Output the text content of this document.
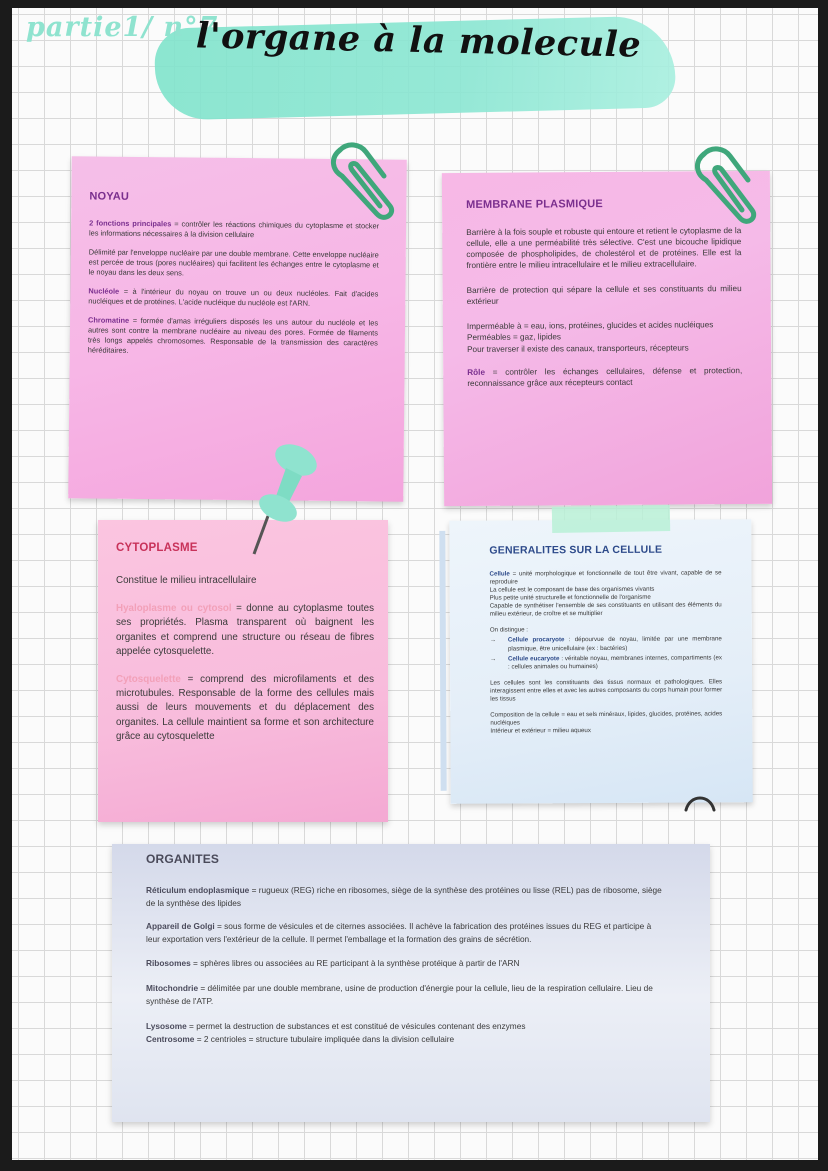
partie1/ n°7
l'organe à la molecule
NOYAU

2 fonctions principales = contrôler les réactions chimiques du cytoplasme et stocker les informations nécessaires à la division cellulaire

Délimité par l'enveloppe nucléaire par une double membrane. Cette enveloppe nucléaire est percée de trous (pores nucléaires) qui facilitent les échanges entre le cytoplasme et le noyau dans les deux sens.

Nucléole = à l'intérieur du noyau on trouve un ou deux nucléoles. Fait d'acides nucléiques et de protéines. L'acide nucléique du nucléole est l'ARN.

Chromatine = formée d'amas irréguliers disposés les uns autour du nucléole et les autres sont contre la membrane nucléaire au niveau des pores. Formée de filaments très longs appelés chromosomes. Responsable de la transmission des caractères héréditaires.

MEMBRANE PLASMIQUE

Barrière à la fois souple et robuste qui entoure et retient le cytoplasme de la cellule, elle a une perméabilité très sélective. C'est une bicouche lipidique composée de phospholipides, de cholestérol et de protéines. Elle est la frontière entre le milieu intracellulaire et le milieu extracellulaire.

Barrière de protection qui sépare la cellule et ses constituants du milieu extérieur

Imperméable à = eau, ions, protéines, glucides et acides nucléiques

Perméables = gaz, lipides

Pour traverser il existe des canaux, transporteurs, récepteurs

Rôle = contrôler les échanges cellulaires, défense et protection, reconnaissance grâce aux récepteurs contact

CYTOPLASME

Constitue le milieu intracellulaire

Hyaloplasme ou cytosol = donne au cytoplasme toutes ses propriétés. Plasma transparent où baignent les organites et comprend une structure ou réseau de fibres appelée cytosquelette.

Cytosquelette = comprend des microfilaments et des microtubules. Responsable de la forme des cellules mais aussi de leurs mouvements et du déplacement des organites. La cellule maintient sa forme et son architecture grâce au cytosquelette

GENERALITES SUR LA CELLULE

Cellule = unité morphologique et fonctionnelle de tout être vivant, capable de se reproduire

La cellule est le composant de base des organismes vivants

Plus petite unité structurelle et fonctionnelle de l'organisme

Capable de synthétiser l'ensemble de ses constituants en utilisant des éléments du milieu extérieur, de croître et se multiplier

On distingue :

→	Cellule procaryote : dépourvue de noyau, limitée par une membrane plasmique, être unicellulaire (ex : bactéries)
→	Cellule eucaryote : véritable noyau, membranes internes, compartiments (ex : cellules animales ou humaines)

Les cellules sont les constituants des tissus normaux et pathologiques. Elles interagissent entre elles et avec les autres composants du corps humain pour former les tissus

Composition de la cellule = eau et sels minéraux, lipides, glucides, protéines, acides nucléiques

Intérieur et extérieur = milieu aqueux

ORGANITES

Réticulum endoplasmique = rugueux (REG) riche en ribosomes, siège de la synthèse des protéines ou lisse (REL) pas de ribosome, siège de la synthèse des lipides

Appareil de Golgi = sous forme de vésicules et de citernes associées. Il achève la fabrication des protéines issues du REG et participe à leur exportation vers l'extérieur de la cellule. Il permet l'emballage et la formation des grains de sécrétion.

Ribosomes = sphères libres ou associées au RE participant à la synthèse protéique à partir de l'ARN

Mitochondrie = délimitée par une double membrane, usine de production d'énergie pour la cellule, lieu de la respiration cellulaire. Lieu de synthèse de l'ATP.

Lysosome = permet la destruction de substances et est constitué de vésicules contenant des enzymes

Centrosome = 2 centrioles = structure tubulaire impliquée dans la division cellulaire
